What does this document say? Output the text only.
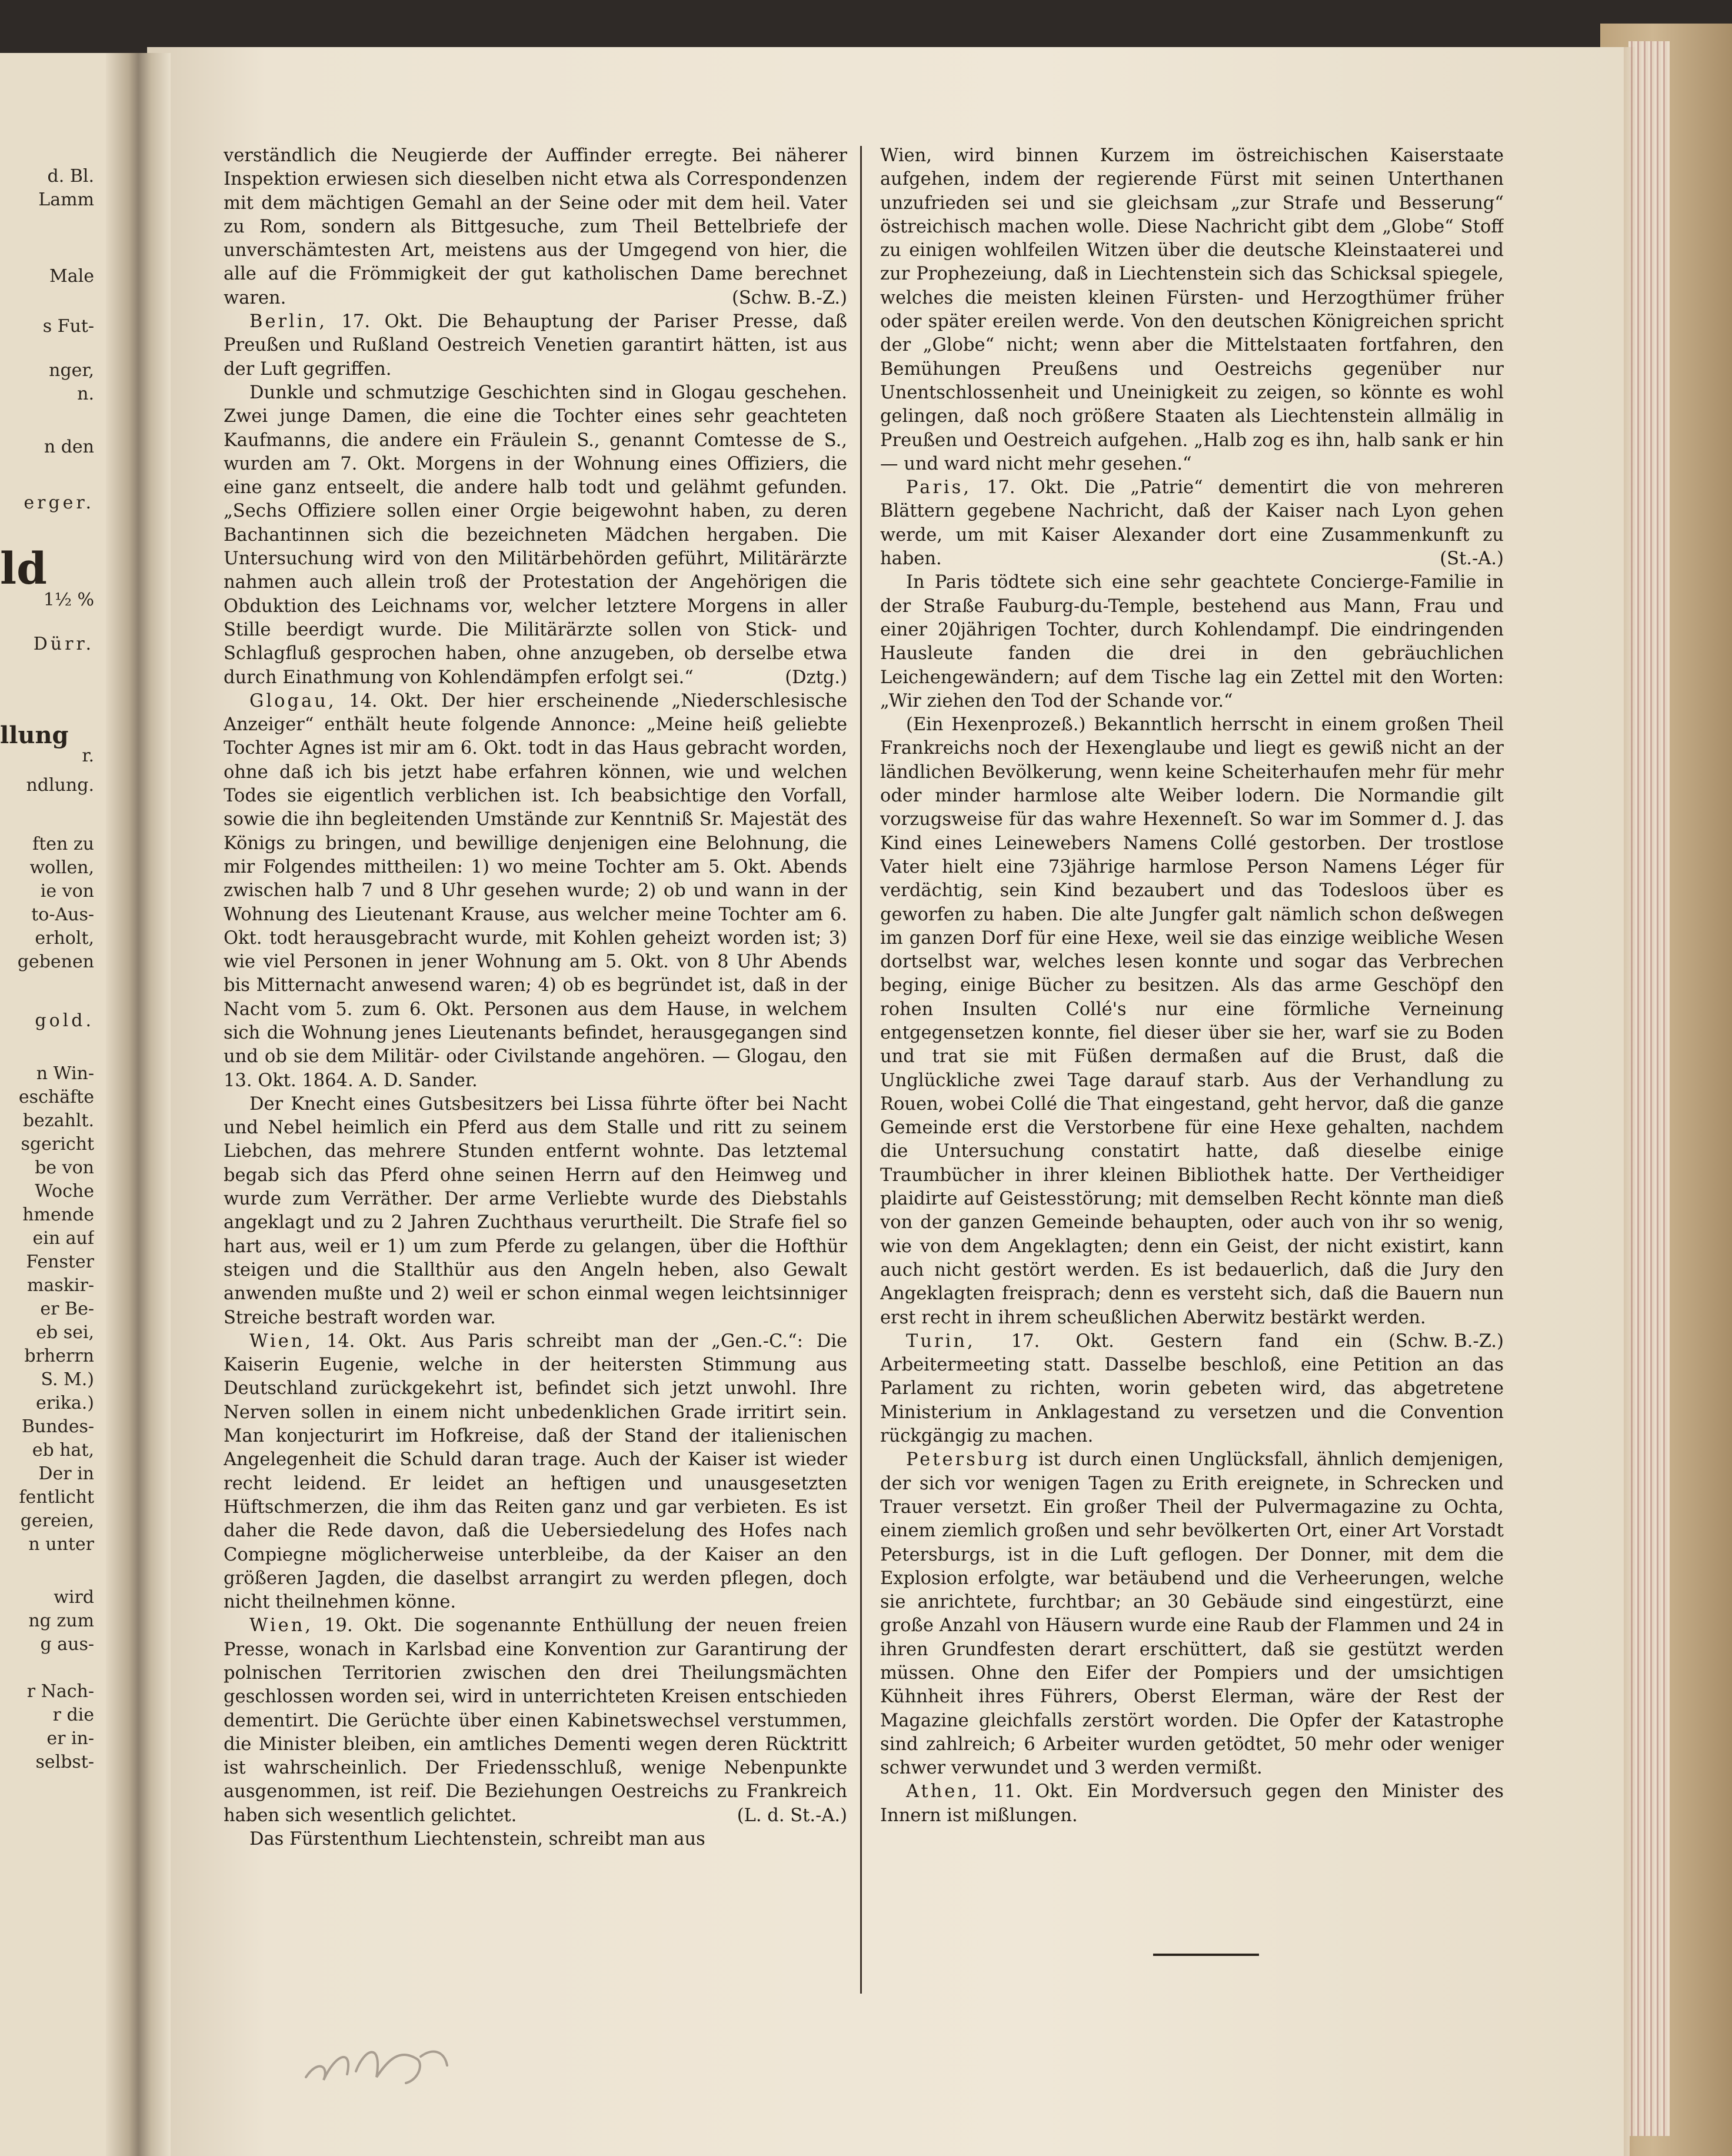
d. Bl.
Lamm
Male
s Fut-
nger,
n.
n den
erger.
ld
1½ %
Dürr.
llung
r.
ndlung.
ften zu
wollen,
ie von
to-Aus-
erholt,
gebenen
gold.
n Win-
eschäfte
bezahlt.
sgericht
be von
Woche
hmende
ein auf
Fenster
maskir-
er Be-
eb sei,
brherrn
S. M.)
erika.)
Bundes-
eb hat,
Der in
fentlicht
gereien,
n unter
wird
ng zum
g aus-
r Nach-
r die
er in-
selbst-

verständlich die Neugierde der Auffinder erregte. Bei näherer Inspektion erwiesen sich dieselben nicht etwa als Correspondenzen mit dem mächtigen Gemahl an der Seine oder mit dem heil. Vater zu Rom, sondern als Bittgesuche, zum Theil Bettelbriefe der unverschämtesten Art, meistens aus der Umgegend von hier, die alle auf die Frömmigkeit der gut katholischen Dame berechnet waren.	(Schw. B.-Z.)

Berlin, 17. Okt. Die Behauptung der Pariser Presse, daß Preußen und Rußland Oestreich Venetien garantirt hätten, ist aus der Luft gegriffen.

Dunkle und schmutzige Geschichten sind in Glogau geschehen. Zwei junge Damen, die eine die Tochter eines sehr geachteten Kaufmanns, die andere ein Fräulein S., genannt Comtesse de S., wurden am 7. Okt. Morgens in der Wohnung eines Offiziers, die eine ganz entseelt, die andere halb todt und gelähmt gefunden. „Sechs Offiziere sollen einer Orgie beigewohnt haben, zu deren Bachantinnen sich die bezeichneten Mädchen hergaben. Die Untersuchung wird von den Militärbehörden geführt, Militärärzte nahmen auch allein troß der Protestation der Angehörigen die Obduktion des Leichnams vor, welcher letztere Morgens in aller Stille beerdigt wurde. Die Militärärzte sollen von Stick- und Schlagfluß gesprochen haben, ohne anzugeben, ob derselbe etwa durch Einathmung von Kohlendämpfen erfolgt sei.“	(Dztg.)

Glogau, 14. Okt. Der hier erscheinende „Niederschlesische Anzeiger“ enthält heute folgende Annonce: „Meine heiß geliebte Tochter Agnes ist mir am 6. Okt. todt in das Haus gebracht worden, ohne daß ich bis jetzt habe erfahren können, wie und welchen Todes sie eigentlich verblichen ist. Ich beabsichtige den Vorfall, sowie die ihn begleitenden Umstände zur Kenntniß Sr. Majestät des Königs zu bringen, und bewillige denjenigen eine Belohnung, die mir Folgendes mittheilen: 1) wo meine Tochter am 5. Okt. Abends zwischen halb 7 und 8 Uhr gesehen wurde; 2) ob und wann in der Wohnung des Lieutenant Krause, aus welcher meine Tochter am 6. Okt. todt herausgebracht wurde, mit Kohlen geheizt worden ist; 3) wie viel Personen in jener Wohnung am 5. Okt. von 8 Uhr Abends bis Mitternacht anwesend waren; 4) ob es begründet ist, daß in der Nacht vom 5. zum 6. Okt. Personen aus dem Hause, in welchem sich die Wohnung jenes Lieutenants befindet, herausgegangen sind und ob sie dem Militär- oder Civilstande angehören. — Glogau, den 13. Okt. 1864. A. D. Sander.

Der Knecht eines Gutsbesitzers bei Lissa führte öfter bei Nacht und Nebel heimlich ein Pferd aus dem Stalle und ritt zu seinem Liebchen, das mehrere Stunden entfernt wohnte. Das letztemal begab sich das Pferd ohne seinen Herrn auf den Heimweg und wurde zum Verräther. Der arme Verliebte wurde des Diebstahls angeklagt und zu 2 Jahren Zuchthaus verurtheilt. Die Strafe fiel so hart aus, weil er 1) um zum Pferde zu gelangen, über die Hofthür steigen und die Stallthür aus den Angeln heben, also Gewalt anwenden mußte und 2) weil er schon einmal wegen leichtsinniger Streiche bestraft worden war.

Wien, 14. Okt. Aus Paris schreibt man der „Gen.-C.“: Die Kaiserin Eugenie, welche in der heitersten Stimmung aus Deutschland zurückgekehrt ist, befindet sich jetzt unwohl. Ihre Nerven sollen in einem nicht unbedenklichen Grade irritirt sein. Man konjecturirt im Hofkreise, daß der Stand der italienischen Angelegenheit die Schuld daran trage. Auch der Kaiser ist wieder recht leidend. Er leidet an heftigen und unausgesetzten Hüftschmerzen, die ihm das Reiten ganz und gar verbieten. Es ist daher die Rede davon, daß die Uebersiedelung des Hofes nach Compiegne möglicherweise unterbleibe, da der Kaiser an den größeren Jagden, die daselbst arrangirt zu werden pflegen, doch nicht theilnehmen könne.

Wien, 19. Okt. Die sogenannte Enthüllung der neuen freien Presse, wonach in Karlsbad eine Konvention zur Garantirung der polnischen Territorien zwischen den drei Theilungsmächten geschlossen worden sei, wird in unterrichteten Kreisen entschieden dementirt. Die Gerüchte über einen Kabinetswechsel verstummen, die Minister bleiben, ein amtliches Dementi wegen deren Rücktritt ist wahrscheinlich. Der Friedensschluß, wenige Nebenpunkte ausgenommen, ist reif. Die Beziehungen Oestreichs zu Frankreich haben sich wesentlich gelichtet.	(L. d. St.-A.)

Das Fürstenthum Liechtenstein, schreibt man aus

Wien, wird binnen Kurzem im östreichischen Kaiserstaate aufgehen, indem der regierende Fürst mit seinen Unterthanen unzufrieden sei und sie gleichsam „zur Strafe und Besserung“ östreichisch machen wolle. Diese Nachricht gibt dem „Globe“ Stoff zu einigen wohlfeilen Witzen über die deutsche Kleinstaaterei und zur Prophezeiung, daß in Liechtenstein sich das Schicksal spiegele, welches die meisten kleinen Fürsten- und Herzogthümer früher oder später ereilen werde. Von den deutschen Königreichen spricht der „Globe“ nicht; wenn aber die Mittelstaaten fortfahren, den Bemühungen Preußens und Oestreichs gegenüber nur Unentschlossenheit und Uneinigkeit zu zeigen, so könnte es wohl gelingen, daß noch größere Staaten als Liechtenstein allmälig in Preußen und Oestreich aufgehen. „Halb zog es ihn, halb sank er hin — und ward nicht mehr gesehen.“

Paris, 17. Okt. Die „Patrie“ dementirt die von mehreren Blättern gegebene Nachricht, daß der Kaiser nach Lyon gehen werde, um mit Kaiser Alexander dort eine Zusammenkunft zu haben.	(St.-A.)

In Paris tödtete sich eine sehr geachtete Concierge-Familie in der Straße Fauburg-du-Temple, bestehend aus Mann, Frau und einer 20jährigen Tochter, durch Kohlendampf. Die eindringenden Hausleute fanden die drei in den gebräuchlichen Leichengewändern; auf dem Tische lag ein Zettel mit den Worten: „Wir ziehen den Tod der Schande vor.“

(Ein Hexenprozeß.) Bekanntlich herrscht in einem großen Theil Frankreichs noch der Hexenglaube und liegt es gewiß nicht an der ländlichen Bevölkerung, wenn keine Scheiterhaufen mehr für mehr oder minder harmlose alte Weiber lodern. Die Normandie gilt vorzugsweise für das wahre Hexenneſt. So war im Sommer d. J. das Kind eines Leinewebers Namens Collé gestorben. Der trostlose Vater hielt eine 73jährige harmlose Person Namens Léger für verdächtig, sein Kind bezaubert und das Todesloos über es geworfen zu haben. Die alte Jungfer galt nämlich schon deßwegen im ganzen Dorf für eine Hexe, weil sie das einzige weibliche Wesen dortselbst war, welches lesen konnte und sogar das Verbrechen beging, einige Bücher zu besitzen. Als das arme Geschöpf den rohen Insulten Collé's nur eine förmliche Verneinung entgegensetzen konnte, fiel dieser über sie her, warf sie zu Boden und trat sie mit Füßen dermaßen auf die Brust, daß die Unglückliche zwei Tage darauf starb. Aus der Verhandlung zu Rouen, wobei Collé die That eingestand, geht hervor, daß die ganze Gemeinde erst die Verstorbene für eine Hexe gehalten, nachdem die Untersuchung constatirt hatte, daß dieselbe einige Traumbücher in ihrer kleinen Bibliothek hatte. Der Vertheidiger plaidirte auf Geistesstörung; mit demselben Recht könnte man dieß von der ganzen Gemeinde behaupten, oder auch von ihr so wenig, wie von dem Angeklagten; denn ein Geist, der nicht existirt, kann auch nicht gestört werden. Es ist bedauerlich, daß die Jury den Angeklagten freisprach; denn es versteht sich, daß die Bauern nun erst recht in ihrem scheußlichen Aberwitz bestärkt werden.
(Schw. B.-Z.)

Turin, 17. Okt. Gestern fand ein Arbeitermeeting statt. Dasselbe beschloß, eine Petition an das Parlament zu richten, worin gebeten wird, das abgetretene Ministerium in Anklagestand zu versetzen und die Convention rückgängig zu machen.

Petersburg ist durch einen Unglücksfall, ähnlich demjenigen, der sich vor wenigen Tagen zu Erith ereignete, in Schrecken und Trauer versetzt. Ein großer Theil der Pulvermagazine zu Ochta, einem ziemlich großen und sehr bevölkerten Ort, einer Art Vorstadt Petersburgs, ist in die Luft geflogen. Der Donner, mit dem die Explosion erfolgte, war betäubend und die Verheerungen, welche sie anrichtete, furchtbar; an 30 Gebäude sind eingestürzt, eine große Anzahl von Häusern wurde eine Raub der Flammen und 24 in ihren Grundfesten derart erschüttert, daß sie gestützt werden müssen. Ohne den Eifer der Pompiers und der umsichtigen Kühnheit ihres Führers, Oberst Elerman, wäre der Rest der Magazine gleichfalls zerstört worden. Die Opfer der Katastrophe sind zahlreich; 6 Arbeiter wurden getödtet, 50 mehr oder weniger schwer verwundet und 3 werden vermißt.

Athen, 11. Okt. Ein Mordversuch gegen den Minister des Innern ist mißlungen.
